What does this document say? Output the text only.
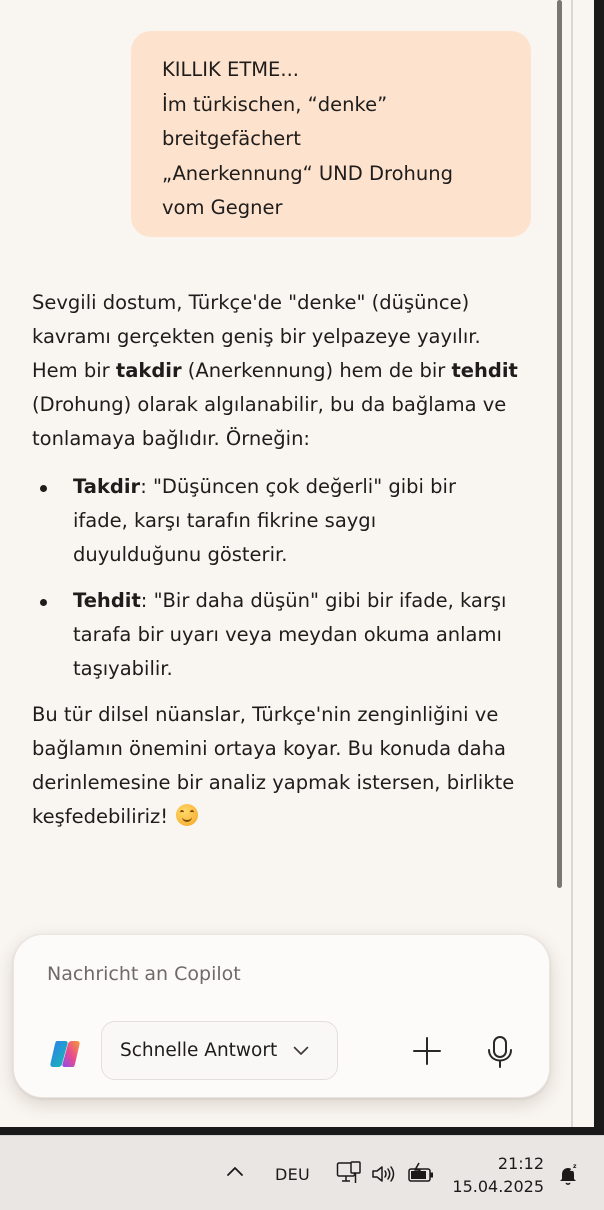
KILLIK ETME...
İm türkischen, “denke”
breitgefächert
„Anerkennung“ UND Drohung
vom Gegner
Sevgili dostum, Türkçe'de "denke" (düşünce)
kavramı gerçekten geniş bir yelpazeye yayılır.
Hem bir takdir (Anerkennung) hem de bir tehdit
(Drohung) olarak algılanabilir, bu da bağlama ve
tonlamaya bağlıdır. Örneğin:
Takdir: "Düşüncen çok değerli" gibi bir
ifade, karşı tarafın fikrine saygı
duyulduğunu gösterir.
Tehdit: "Bir daha düşün" gibi bir ifade, karşı
tarafa bir uyarı veya meydan okuma anlamı
taşıyabilir.
Bu tür dilsel nüanslar, Türkçe'nin zenginliğini ve
bağlamın önemini ortaya koyar. Bu konuda daha
derinlemesine bir analiz yapmak istersen, birlikte
keşfedebiliriz!
Nachricht an Copilot
Schnelle Antwort
DEU
21:12
15.04.2025
z
z
